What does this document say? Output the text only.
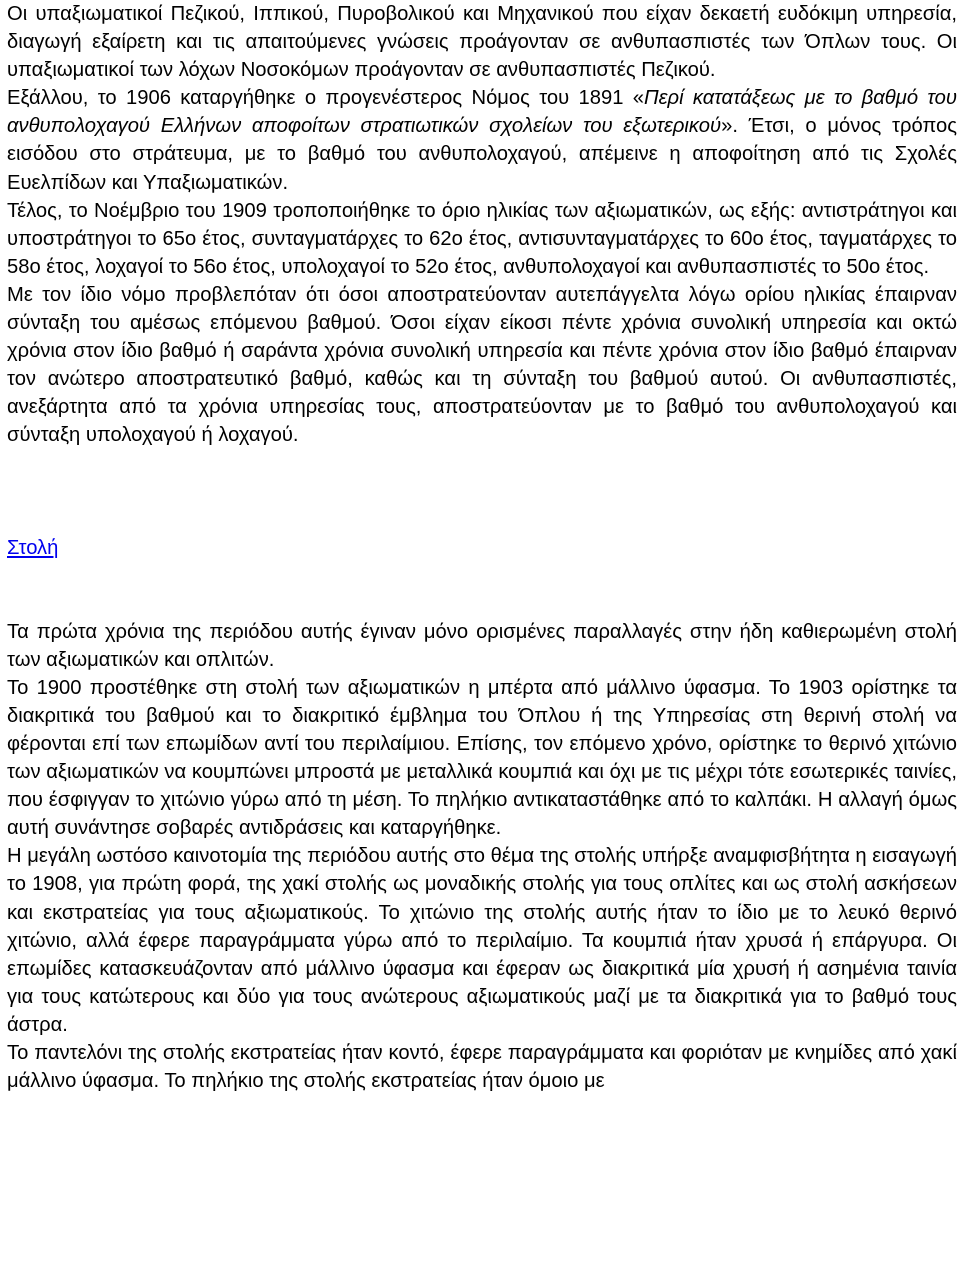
Οι υπαξιωματικοί Πεζικού, Ιππικού, Πυροβολικού και Μηχανικού που είχαν δεκαετή ευδόκιμη υπηρεσία, διαγωγή εξαίρετη και τις απαιτούμενες γνώσεις προάγονταν σε ανθυπασπιστές των Όπλων τους. Οι υπαξιωματικοί των λόχων Νοσοκόμων προάγονταν σε ανθυπασπιστές Πεζικού.

Εξάλλου, το 1906 καταργήθηκε ο προγενέστερος Νόμος του 1891 «Περί κατατάξεως με το βαθμό του ανθυπολοχαγού Ελλήνων αποφοίτων στρατιωτικών σχολείων του εξωτερικού». Έτσι, ο μόνος τρόπος εισόδου στο στράτευμα, με το βαθμό του ανθυπολοχαγού, απέμεινε η αποφοίτηση από τις Σχολές Ευελπίδων και Υπαξιωματικών.

Τέλος, το Νοέμβριο του 1909 τροποποιήθηκε το όριο ηλικίας των αξιωματικών, ως εξής: αντιστράτηγοι και υποστράτηγοι το 65ο έτος, συνταγματάρχες το 62ο έτος, αντισυνταγματάρχες το 60ο έτος, ταγματάρχες το 58ο έτος, λοχαγοί το 56ο έτος, υπολοχαγοί το 52ο έτος, ανθυπολοχαγοί και ανθυπασπιστές το 50ο έτος.

Με τον ίδιο νόμο προβλεπόταν ότι όσοι αποστρατεύονταν αυτεπάγγελτα λόγω ορίου ηλικίας έπαιρναν σύνταξη του αμέσως επόμενου βαθμού. Όσοι είχαν είκοσι πέντε χρόνια συνολική υπηρεσία και οκτώ χρόνια στον ίδιο βαθμό ή σαράντα χρόνια συνολική υπηρεσία και πέντε χρόνια στον ίδιο βαθμό έπαιρναν τον ανώτερο αποστρατευτικό βαθμό, καθώς και τη σύνταξη του βαθμού αυτού. Οι ανθυπασπιστές, ανεξάρτητα από τα χρόνια υπηρεσίας τους, αποστρατεύονταν με το βαθμό του ανθυπολοχαγού και σύνταξη υπολοχαγού ή λοχαγού.

Στολή

Τα πρώτα χρόνια της περιόδου αυτής έγιναν μόνο ορισμένες παραλλαγές στην ήδη καθιερωμένη στολή των αξιωματικών και οπλιτών.

Το 1900 προστέθηκε στη στολή των αξιωματικών η μπέρτα από μάλλινο ύφασμα. Το 1903 ορίστηκε τα διακριτικά του βαθμού και το διακριτικό έμβλημα του Όπλου ή της Υπηρεσίας στη θερινή στολή να φέρονται επί των επωμίδων αντί του περιλαίμιου. Επίσης, τον επόμενο χρόνο, ορίστηκε το θερινό χιτώνιο των αξιωματικών να κουμπώνει μπροστά με μεταλλικά κουμπιά και όχι με τις μέχρι τότε εσωτερικές ταινίες, που έσφιγγαν το χιτώνιο γύρω από τη μέση. Το πηλήκιο αντικαταστάθηκε από το καλπάκι. Η αλλαγή όμως αυτή συνάντησε σοβαρές αντιδράσεις και καταργήθηκε.

Η μεγάλη ωστόσο καινοτομία της περιόδου αυτής στο θέμα της στολής υπήρξε αναμφισβήτητα η εισαγωγή το 1908, για πρώτη φορά, της χακί στολής ως μοναδικής στολής για τους οπλίτες και ως στολή ασκήσεων και εκστρατείας για τους αξιωματικούς. Το χιτώνιο της στολής αυτής ήταν το ίδιο με το λευκό θερινό χιτώνιο, αλλά έφερε παραγράμματα γύρω από το περιλαίμιο. Τα κουμπιά ήταν χρυσά ή επάργυρα. Οι επωμίδες κατασκευάζονταν από μάλλινο ύφασμα και έφεραν ως διακριτικά μία χρυσή ή ασημένια ταινία για τους κατώτερους και δύο για τους ανώτερους αξιωματικούς μαζί με τα διακριτικά για το βαθμό τους άστρα.

Το παντελόνι της στολής εκστρατείας ήταν κοντό, έφερε παραγράμματα και φοριόταν με κνημίδες από χακί μάλλινο ύφασμα. Το πηλήκιο της στολής εκστρατείας ήταν όμοιο με
